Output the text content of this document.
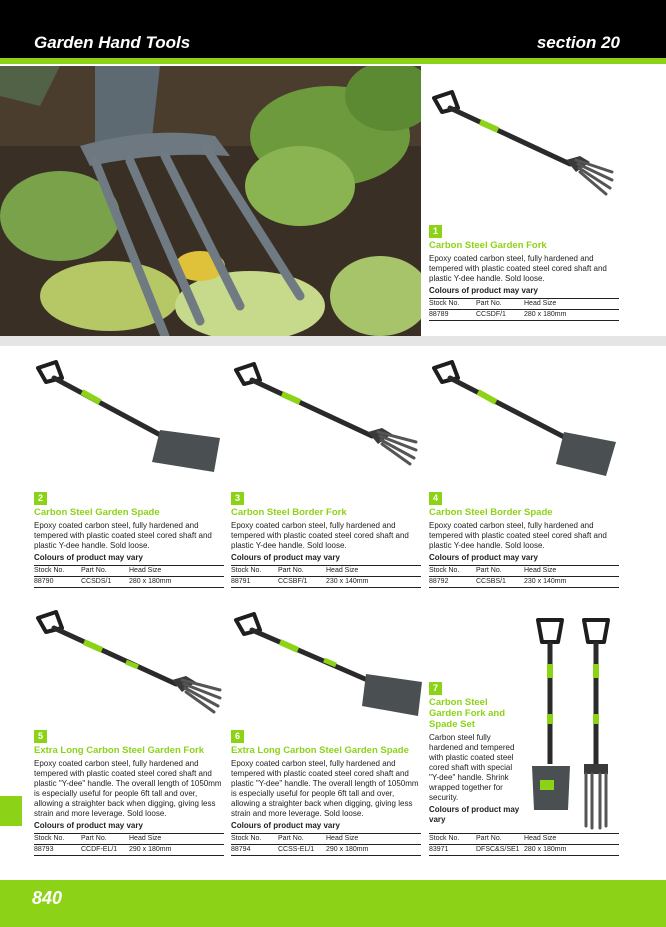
Garden Hand Tools	section 20
1
Carbon Steel Garden Fork
Epoxy coated carbon steel, fully hardened and tempered with plastic coated steel cored shaft and plastic Y-dee handle. Sold loose.
Colours of product may vary
Stock No.	Part No.	Head Size
88789	CCSDF/1	280 x 180mm
2
Carbon Steel Garden Spade
Epoxy coated carbon steel, fully hardened and tempered with plastic coated steel cored shaft and plastic Y-dee handle. Sold loose.
Colours of product may vary
Stock No.	Part No.	Head Size
88790	CCSDS/1	280 x 180mm
3
Carbon Steel Border Fork
Epoxy coated carbon steel, fully hardened and tempered with plastic coated steel cored shaft and plastic Y-dee handle. Sold loose.
Colours of product may vary
Stock No.	Part No.	Head Size
88791	CCSBF/1	230 x 140mm
4
Carbon Steel Border Spade
Epoxy coated carbon steel, fully hardened and tempered with plastic coated steel cored shaft and plastic Y-dee handle. Sold loose.
Colours of product may vary
Stock No.	Part No.	Head Size
88792	CCSBS/1	230 x 140mm
5
Extra Long Carbon Steel Garden Fork
Epoxy coated carbon steel, fully hardened and tempered with plastic coated steel cored shaft and plastic "Y-dee" handle. The overall length of 1050mm is especially useful for people 6ft tall and over, allowing a straighter back when digging, giving less strain and more leverage. Sold loose.
Colours of product may vary
Stock No.	Part No.	Head Size
88793	CCDF-EL/1	290 x 180mm
6
Extra Long Carbon Steel Garden Spade
Epoxy coated carbon steel, fully hardened and tempered with plastic coated steel cored shaft and plastic "Y-dee" handle. The overall length of 1050mm is especially useful for people 6ft tall and over, allowing a straighter back when digging, giving less strain and more leverage. Sold loose.
Colours of product may vary
Stock No.	Part No.	Head Size
88794	CCSS-EL/1	290 x 180mm
7
Carbon Steel Garden Fork and Spade Set
Carbon steel fully hardened and tempered with plastic coated steel cored shaft with special "Y-dee" handle. Shrink wrapped together for security.
Colours of product may vary
Stock No.	Part No.	Head Size
83971	DFSC&S/SE1	280 x 180mm
840
